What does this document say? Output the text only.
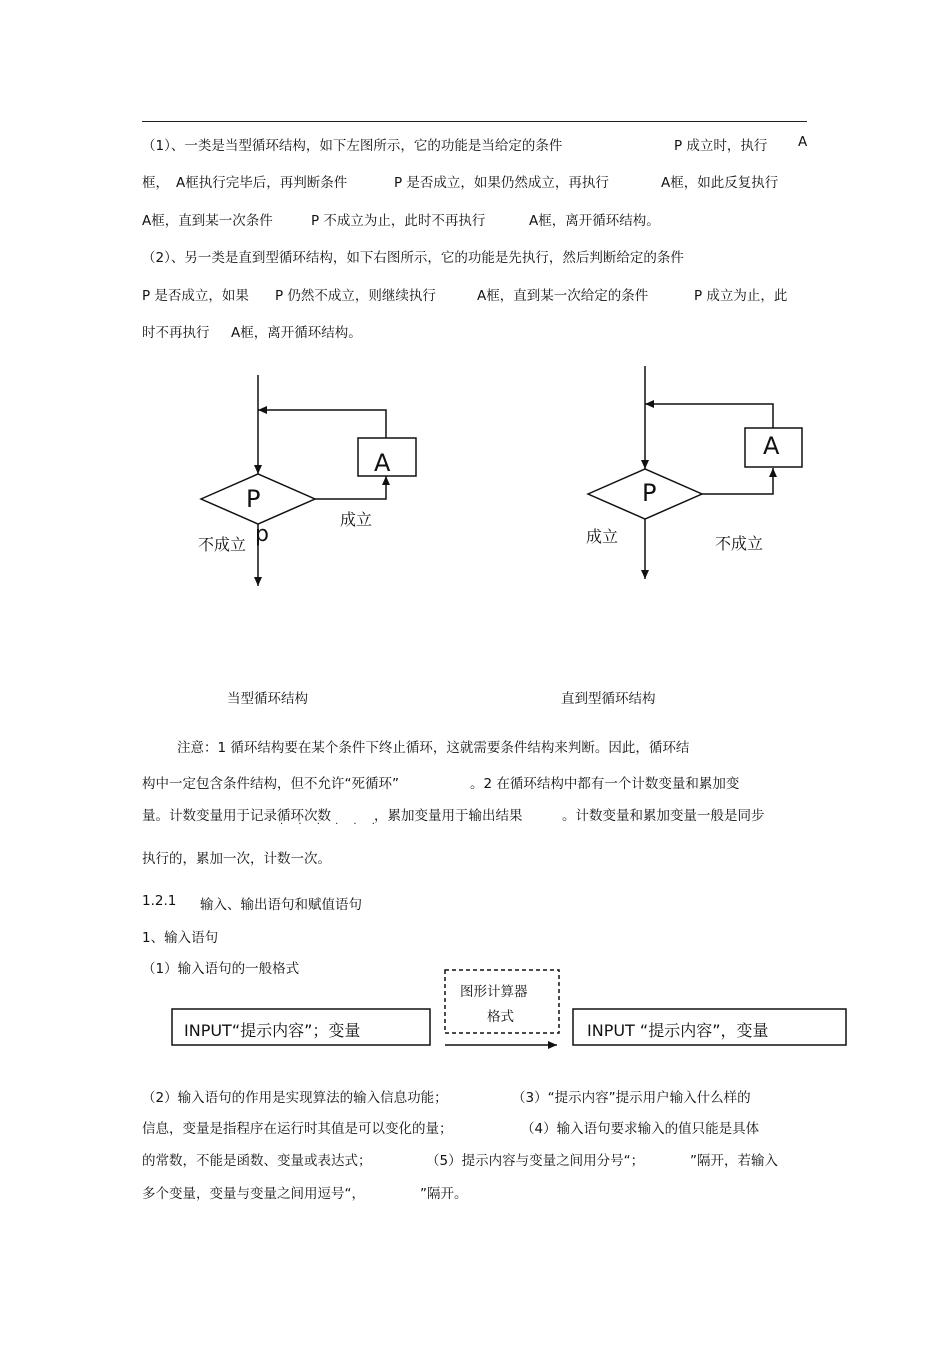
（1）、一类是当型循环结构，如下左图所示，它的功能是当给定的条件	P 成立时，执行 A
框， A框执行完毕后，再判断条件	P 是否成立，如果仍然成立，再执行	A框，如此反复执行
A框，直到某一次条件	P 不成立为止，此时不再执行	A框，离开循环结构。
（2）、另一类是直到型循环结构，如下右图所示，它的功能是先执行，然后判断给定的条件
P 是否成立，如果 P 仍然不成立，则继续执行	A框，直到某一次给定的条件	P 成立为止，此
时不再执行 A框，离开循环结构。
A
P
成立
不成立 p
当型循环结构
A
P
成立	不成立
直到型循环结构
注意：1 循环结构要在某个条件下终止循环，这就需要条件结构来判断。因此，循环结
构中一定包含条件结构，但不允许“死循环”	。2 在循环结构中都有一个计数变量和累加变
量。计数变量用于记录循环次数	，累加变量用于输出结果	。计数变量和累加变量一般是同步
· · · · · ·
执行的，累加一次，计数一次。
1.2.1 输入、输出语句和赋值语句
1、输入语句
（1）输入语句的一般格式
INPUT“提示内容”；变量
图形计算器
格式
INPUT “提示内容”，变量
（2）输入语句的作用是实现算法的输入信息功能；	（3）“提示内容”提示用户输入什么样的
信息，变量是指程序在运行时其值是可以变化的量；	（4）输入语句要求输入的值只能是具体
的常数，不能是函数、变量或表达式；	（5）提示内容与变量之间用分号“；	”隔开，若输入
多个变量，变量与变量之间用逗号“，	”隔开。
